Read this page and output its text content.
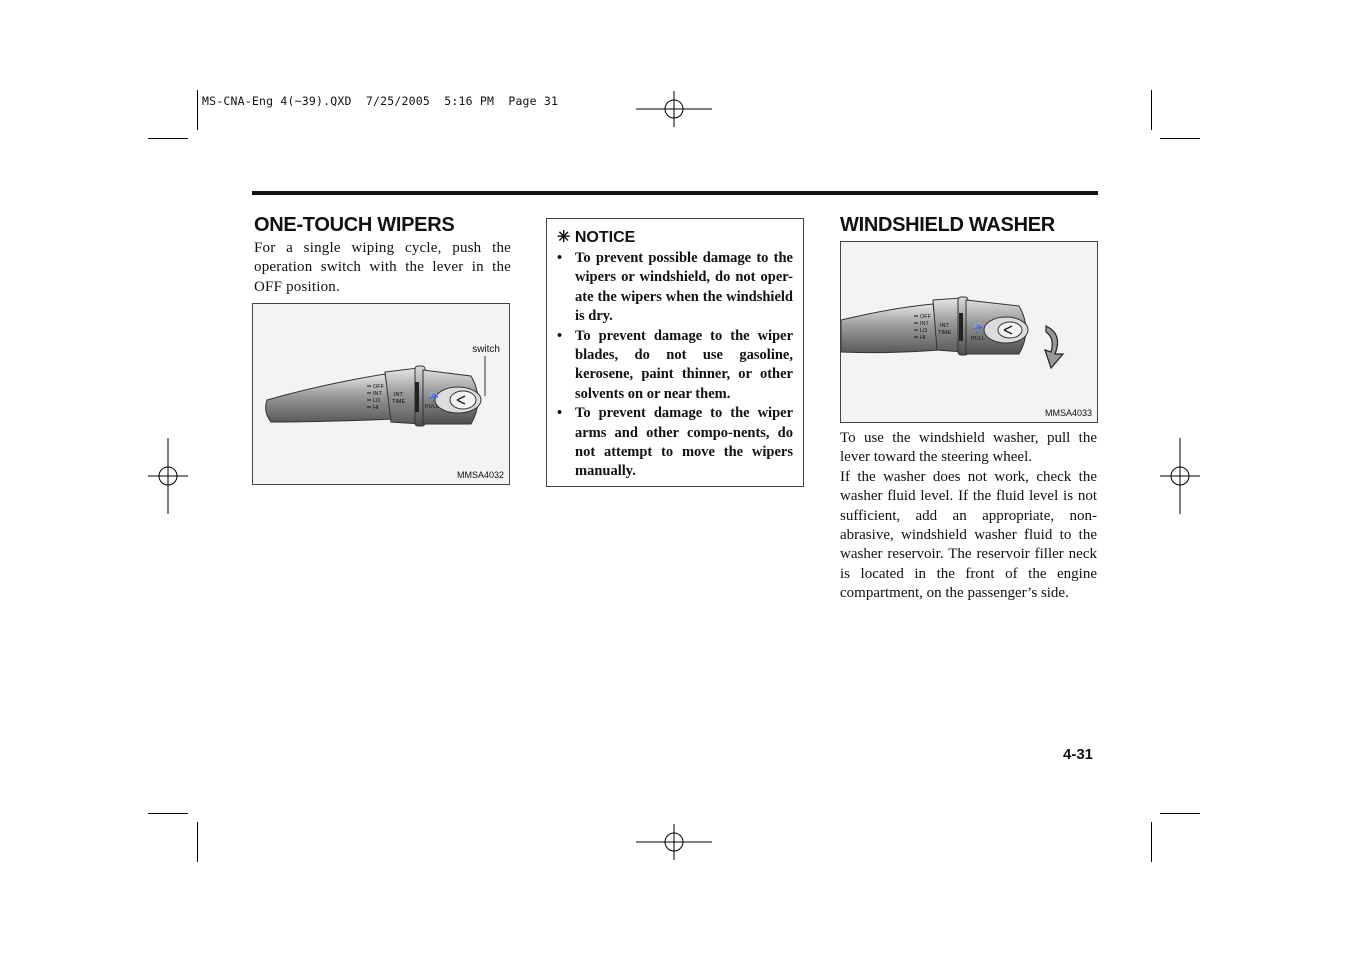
MS-CNA-Eng 4(~39).QXD  7/25/2005  5:16 PM  Page 31
ONE-TOUCH WIPERS
For a single wiping cycle, push the operation switch with the lever in the OFF position.
OFF
INT
LO
HI
INT
TIME
PULL
☔
switch
MMSA4032
✳ NOTICE
• To prevent possible damage to the wipers or windshield, do not oper-ate the wipers when the windshield is dry.
• To prevent damage to the wiper blades, do not use gasoline, kerosene, paint thinner, or other solvents on or near them.
• To prevent damage to the wiper arms and other compo-nents, do not attempt to move the wipers manually.
WINDSHIELD WASHER
OFF
INT
LO
HI
INT
TIME
PULL
☔
MMSA4033
To use the windshield washer, pull the lever toward the steering wheel.
If the washer does not work, check the washer fluid level. If the fluid level is not sufficient, add an appropriate, non-abrasive, windshield washer fluid to the washer reservoir. The reservoir filler neck is located in the front of the engine compartment, on the passenger’s side.
4-31
